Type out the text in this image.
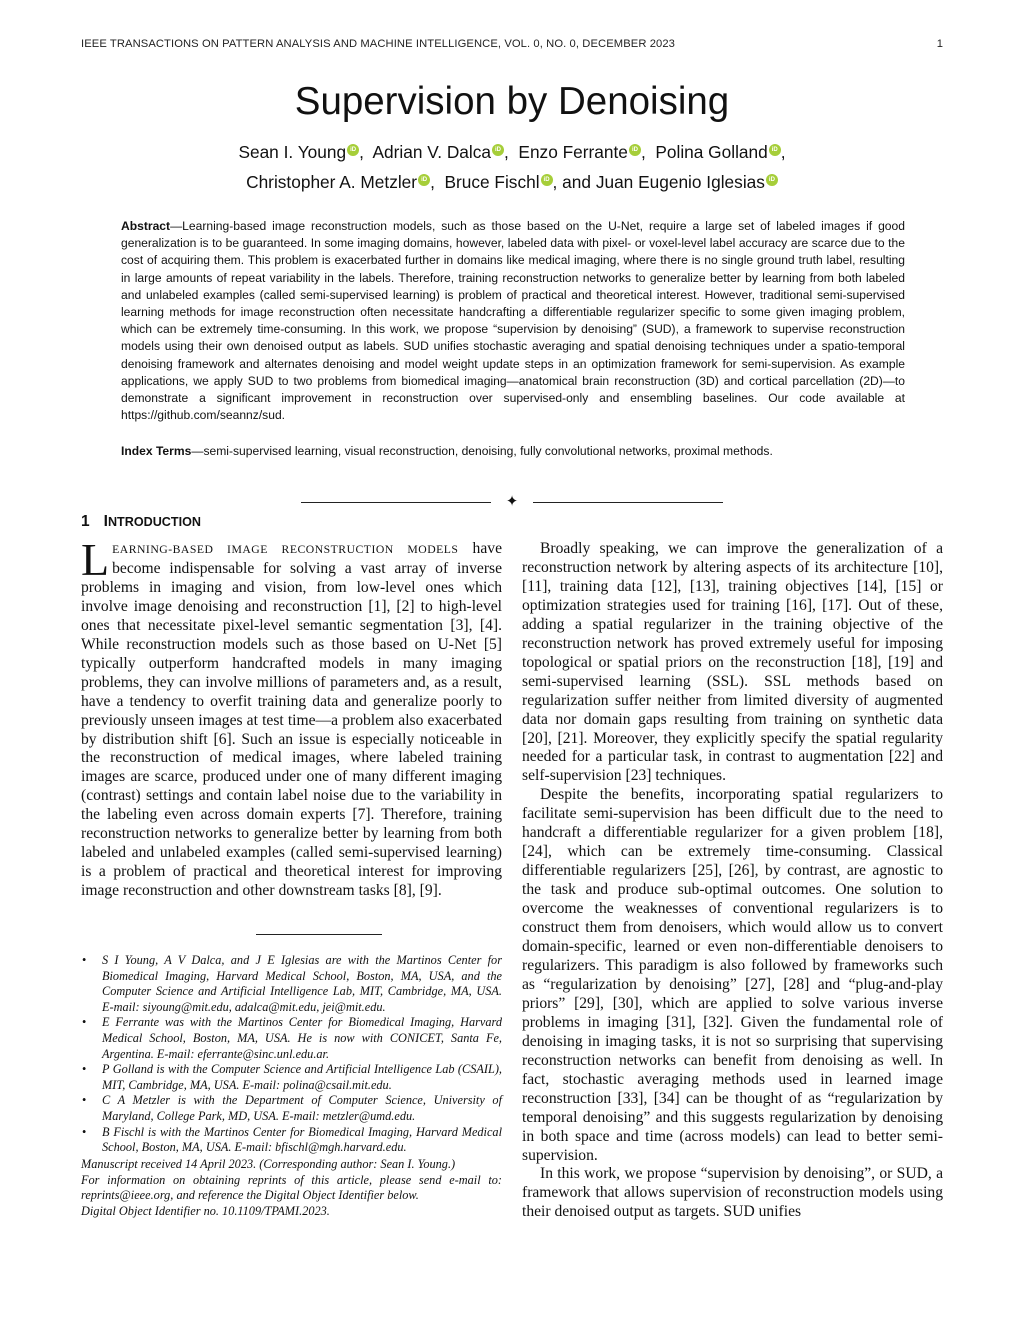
IEEE TRANSACTIONS ON PATTERN ANALYSIS AND MACHINE INTELLIGENCE, VOL. 0, NO. 0, DECEMBER 2023	1
Supervision by Denoising
Sean I. Young iD ,  Adrian V. Dalca iD ,  Enzo Ferrante iD ,  Polina Golland iD ,
Christopher A. Metzler iD ,  Bruce Fischl iD , and Juan Eugenio Iglesias iD
Abstract—Learning-based image reconstruction models, such as those based on the U-Net, require a large set of labeled images if good generalization is to be guaranteed. In some imaging domains, however, labeled data with pixel- or voxel-level label accuracy are scarce due to the cost of acquiring them. This problem is exacerbated further in domains like medical imaging, where there is no single ground truth label, resulting in large amounts of repeat variability in the labels. Therefore, training reconstruction networks to generalize better by learning from both labeled and unlabeled examples (called semi-supervised learning) is problem of practical and theoretical interest. However, traditional semi-supervised learning methods for image reconstruction often necessitate handcrafting a differentiable regularizer specific to some given imaging problem, which can be extremely time-consuming. In this work, we propose “supervision by denoising” (SUD), a framework to supervise reconstruction models using their own denoised output as labels. SUD unifies stochastic averaging and spatial denoising techniques under a spatio-temporal denoising framework and alternates denoising and model weight update steps in an optimization framework for semi-supervision. As example applications, we apply SUD to two problems from biomedical imaging—anatomical brain reconstruction (3D) and cortical parcellation (2D)—to demonstrate a significant improvement in reconstruction over supervised-only and ensembling baselines. Our code available at https://github.com/seannz/sud.
Index Terms—semi-supervised learning, visual reconstruction, denoising, fully convolutional networks, proximal methods.
✦
1 INTRODUCTION

LEARNING-BASED IMAGE RECONSTRUCTION MODELS have become indispensable for solving a vast array of inverse problems in imaging and vision, from low-level ones which involve image denoising and reconstruction [1], [2] to high-level ones that necessitate pixel-level semantic segmentation [3], [4]. While reconstruction models such as those based on U-Net [5] typically outperform handcrafted models in many imaging problems, they can involve millions of parameters and, as a result, have a tendency to overfit training data and generalize poorly to previously unseen images at test time—a problem also exacerbated by distribution shift [6]. Such an issue is especially noticeable in the reconstruction of medical images, where labeled training images are scarce, produced under one of many different imaging (contrast) settings and contain label noise due to the variability in the labeling even across domain experts [7]. Therefore, training reconstruction networks to generalize better by learning from both labeled and unlabeled examples (called semi-supervised learning) is a problem of practical and theoretical interest for improving image reconstruction and other downstream tasks [8], [9].

• S I Young, A V Dalca, and J E Iglesias are with the Martinos Center for Biomedical Imaging, Harvard Medical School, Boston, MA, USA, and the Computer Science and Artificial Intelligence Lab, MIT, Cambridge, MA, USA. E-mail: siyoung@mit.edu, adalca@mit.edu, jei@mit.edu.
• E Ferrante was with the Martinos Center for Biomedical Imaging, Harvard Medical School, Boston, MA, USA. He is now with CONICET, Santa Fe, Argentina. E-mail: eferrante@sinc.unl.edu.ar.
• P Golland is with the Computer Science and Artificial Intelligence Lab (CSAIL), MIT, Cambridge, MA, USA. E-mail: polina@csail.mit.edu.
• C A Metzler is with the Department of Computer Science, University of Maryland, College Park, MD, USA. E-mail: metzler@umd.edu.
• B Fischl is with the Martinos Center for Biomedical Imaging, Harvard Medical School, Boston, MA, USA. E-mail: bfischl@mgh.harvard.edu.

Manuscript received 14 April 2023. (Corresponding author: Sean I. Young.)

For information on obtaining reprints of this article, please send e-mail to: reprints@ieee.org, and reference the Digital Object Identifier below.

Digital Object Identifier no. 10.1109/TPAMI.2023.

Broadly speaking, we can improve the generalization of a reconstruction network by altering aspects of its architecture [10], [11], training data [12], [13], training objectives [14], [15] or optimization strategies used for training [16], [17]. Out of these, adding a spatial regularizer in the training objective of the reconstruction network has proved extremely useful for imposing topological or spatial priors on the reconstruction [18], [19] and semi-supervised learning (SSL). SSL methods based on regularization suffer neither from limited diversity of augmented data nor domain gaps resulting from training on synthetic data [20], [21]. Moreover, they explicitly specify the spatial regularity needed for a particular task, in contrast to augmentation [22] and self-supervision [23] techniques.

Despite the benefits, incorporating spatial regularizers to facilitate semi-supervision has been difficult due to the need to handcraft a differentiable regularizer for a given problem [18], [24], which can be extremely time-consuming. Classical differentiable regularizers [25], [26], by contrast, are agnostic to the task and produce sub-optimal outcomes. One solution to overcome the weaknesses of conventional regularizers is to construct them from denoisers, which would allow us to convert domain-specific, learned or even non-differentiable denoisers to regularizers. This paradigm is also followed by frameworks such as “regularization by denoising” [27], [28] and “plug-and-play priors” [29], [30], which are applied to solve various inverse problems in imaging [31], [32]. Given the fundamental role of denoising in imaging tasks, it is not so surprising that supervising reconstruction networks can benefit from denoising as well. In fact, stochastic averaging methods used in learned image reconstruction [33], [34] can be thought of as “regularization by temporal denoising” and this suggests regularization by denoising in both space and time (across models) can lead to better semi-supervision.

In this work, we propose “supervision by denoising”, or SUD, a framework that allows supervision of reconstruction models using their denoised output as targets. SUD unifies
